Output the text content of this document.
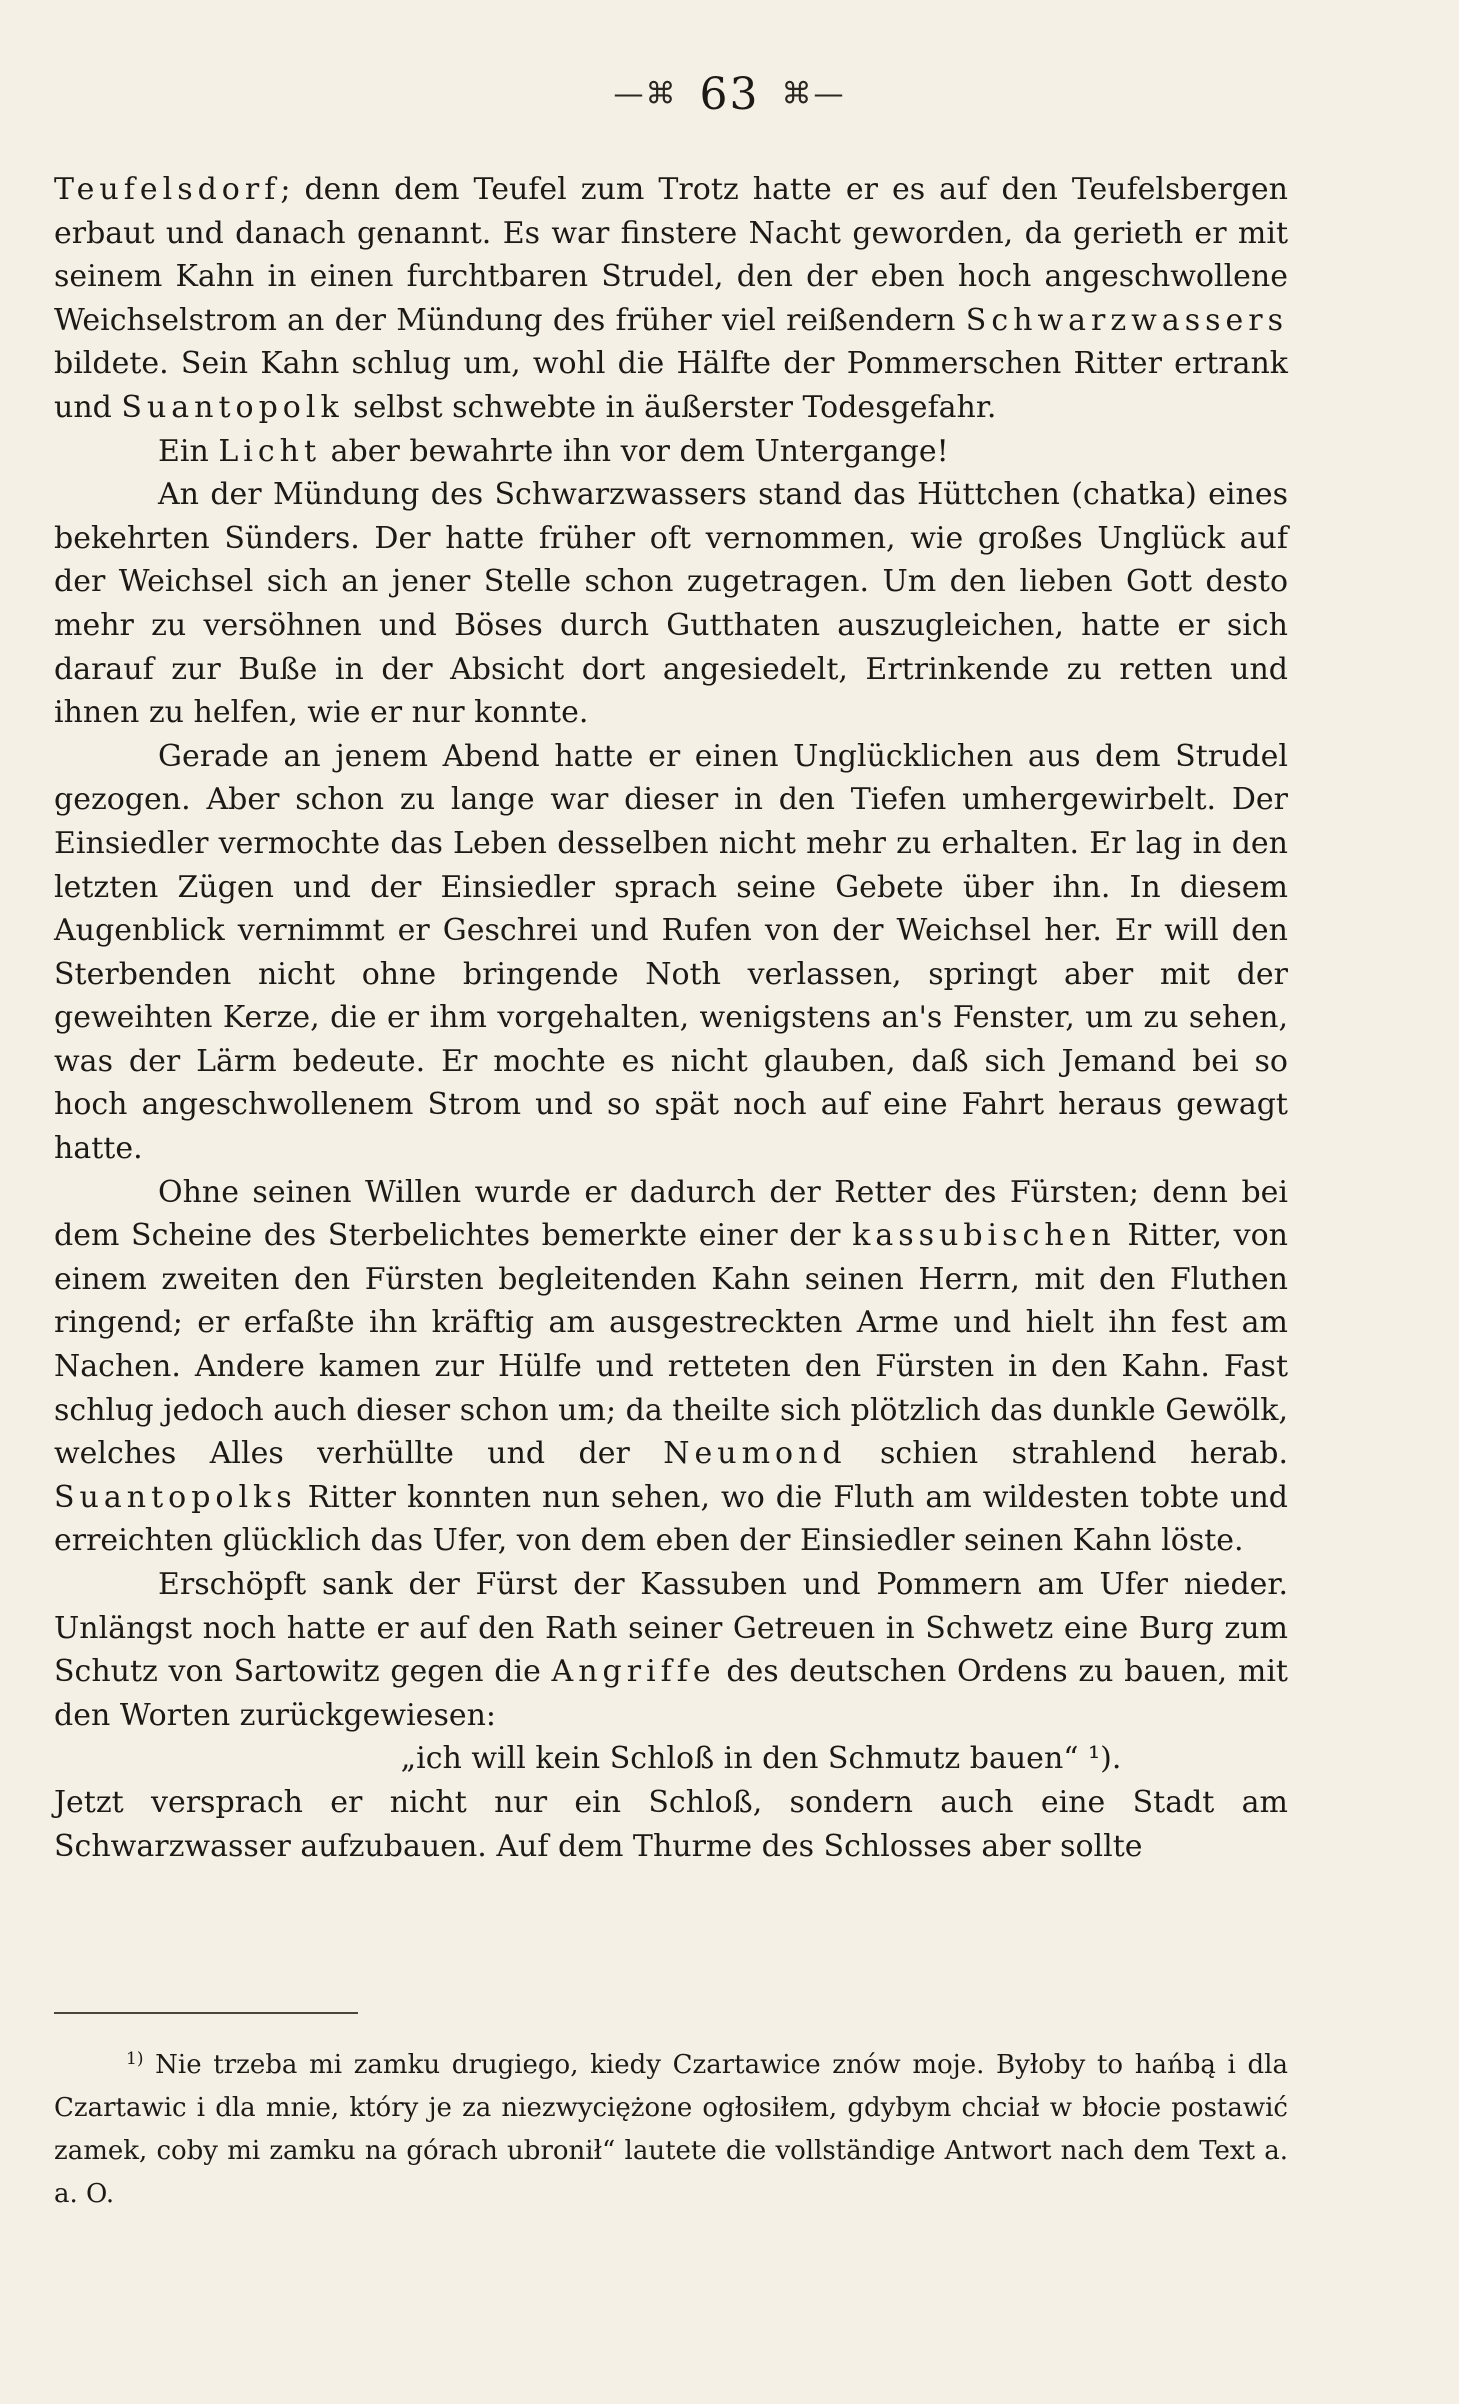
—⌘ 63 ⌘—

Teufelsdorf; denn dem Teufel zum Trotz hatte er es auf den Teufelsbergen erbaut und danach genannt. Es war finstere Nacht geworden, da gerieth er mit seinem Kahn in einen furchtbaren Strudel, den der eben hoch angeschwollene Weichselstrom an der Mündung des früher viel reißendern Schwarzwassers bildete. Sein Kahn schlug um, wohl die Hälfte der Pommerschen Ritter ertrank und Suantopolk selbst schwebte in äußerster Todesgefahr.

Ein Licht aber bewahrte ihn vor dem Untergange!

An der Mündung des Schwarzwassers stand das Hüttchen (chatka) eines bekehrten Sünders. Der hatte früher oft vernommen, wie großes Unglück auf der Weichsel sich an jener Stelle schon zugetragen. Um den lieben Gott desto mehr zu versöhnen und Böses durch Gutthaten auszugleichen, hatte er sich darauf zur Buße in der Absicht dort angesiedelt, Ertrinkende zu retten und ihnen zu helfen, wie er nur konnte.

Gerade an jenem Abend hatte er einen Unglücklichen aus dem Strudel gezogen. Aber schon zu lange war dieser in den Tiefen umhergewirbelt. Der Einsiedler vermochte das Leben desselben nicht mehr zu erhalten. Er lag in den letzten Zügen und der Einsiedler sprach seine Gebete über ihn. In diesem Augenblick vernimmt er Geschrei und Rufen von der Weichsel her. Er will den Sterbenden nicht ohne bringende Noth verlassen, springt aber mit der geweihten Kerze, die er ihm vorgehalten, wenigstens an's Fenster, um zu sehen, was der Lärm bedeute. Er mochte es nicht glauben, daß sich Jemand bei so hoch angeschwollenem Strom und so spät noch auf eine Fahrt heraus gewagt hatte.

Ohne seinen Willen wurde er dadurch der Retter des Fürsten; denn bei dem Scheine des Sterbelichtes bemerkte einer der kassubischen Ritter, von einem zweiten den Fürsten begleitenden Kahn seinen Herrn, mit den Fluthen ringend; er erfaßte ihn kräftig am ausgestreckten Arme und hielt ihn fest am Nachen. Andere kamen zur Hülfe und retteten den Fürsten in den Kahn. Fast schlug jedoch auch dieser schon um; da theilte sich plötzlich das dunkle Gewölk, welches Alles verhüllte und der Neumond schien strahlend herab. Suantopolks Ritter konnten nun sehen, wo die Fluth am wildesten tobte und erreichten glücklich das Ufer, von dem eben der Einsiedler seinen Kahn löste.

Erschöpft sank der Fürst der Kassuben und Pommern am Ufer nieder. Unlängst noch hatte er auf den Rath seiner Getreuen in Schwetz eine Burg zum Schutz von Sartowitz gegen die Angriffe des deutschen Ordens zu bauen, mit den Worten zurückgewiesen:

„ich will kein Schloß in den Schmutz bauen“ ¹).

Jetzt versprach er nicht nur ein Schloß, sondern auch eine Stadt am Schwarzwasser aufzubauen. Auf dem Thurme des Schlosses aber sollte

$^{1)}$ Nie trzeba mi zamku drugiego, kiedy Czartawice znów moje. Byłoby to hańbą i dla Czartawic i dla mnie, który je za niezwyciężone ogłosiłem, gdybym chciał w błocie postawić zamek, coby mi zamku na górach ubronił“ lautete die vollständige Antwort nach dem Text a. a. O.
